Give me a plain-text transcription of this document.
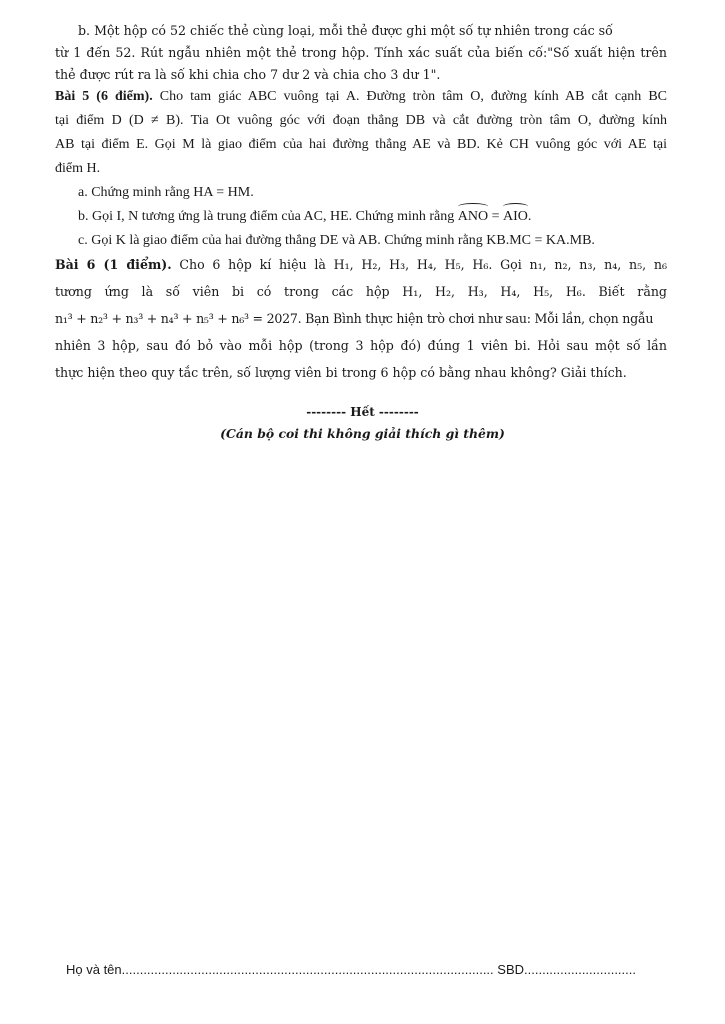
b. Một hộp có 52 chiếc thẻ cùng loại, mỗi thẻ được ghi một số tự nhiên trong các số
từ 1 đến 52. Rút ngẫu nhiên một thẻ trong hộp. Tính xác suất của biến cố:"Số xuất hiện trên
thẻ được rút ra là số khi chia cho 7 dư 2 và chia cho 3 dư 1".
Bài 5 (6 điểm). Cho tam giác ABC vuông tại A. Đường tròn tâm O, đường kính AB cắt cạnh BC
tại điểm D (D ≠ B). Tia Ot vuông góc với đoạn thẳng DB và cắt đường tròn tâm O, đường kính
AB tại điểm E. Gọi M là giao điểm của hai đường thẳng AE và BD. Kẻ CH vuông góc với AE tại
điểm H.
a. Chứng minh rằng HA = HM.
b. Gọi I, N tương ứng là trung điểm của AC, HE. Chứng minh rằng ANO = AIO.
c. Gọi K là giao điểm của hai đường thẳng DE và AB. Chứng minh rằng KB.MC = KA.MB.
Bài 6 (1 điểm). Cho 6 hộp kí hiệu là H₁, H₂, H₃, H₄, H₅, H₆. Gọi n₁, n₂, n₃, n₄, n₅, n₆
tương ứng là số viên bi có trong các hộp H₁, H₂, H₃, H₄, H₅, H₆. Biết rằng
n₁³ + n₂³ + n₃³ + n₄³ + n₅³ + n₆³ = 2027. Bạn Bình thực hiện trò chơi như sau: Mỗi lần, chọn ngẫu
nhiên 3 hộp, sau đó bỏ vào mỗi hộp (trong 3 hộp đó) đúng 1 viên bi. Hỏi sau một số lần
thực hiện theo quy tắc trên, số lượng viên bi trong 6 hộp có bằng nhau không? Giải thích.
-------- Hết --------
(Cán bộ coi thi không giải thích gì thêm)
Họ và tên....................................................................................................... SBD...............................
